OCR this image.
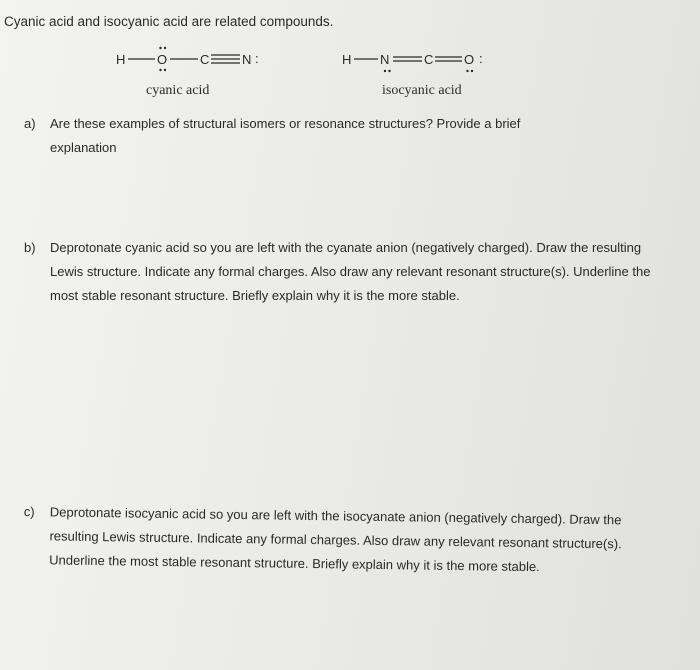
Cyanic acid and isocyanic acid are related compounds.
H O	C	N :
cyanic acid
H N	C O :
isocyanic acid
a) Are these examples of structural isomers or resonance structures? Provide a brief explanation
b) Deprotonate cyanic acid so you are left with the cyanate anion (negatively charged). Draw the resulting Lewis structure. Indicate any formal charges. Also draw any relevant resonant structure(s). Underline the most stable resonant structure. Briefly explain why it is the more stable.
c) Deprotonate isocyanic acid so you are left with the isocyanate anion (negatively charged). Draw the resulting Lewis structure. Indicate any formal charges. Also draw any relevant resonant structure(s). Underline the most stable resonant structure. Briefly explain why it is the more stable.
